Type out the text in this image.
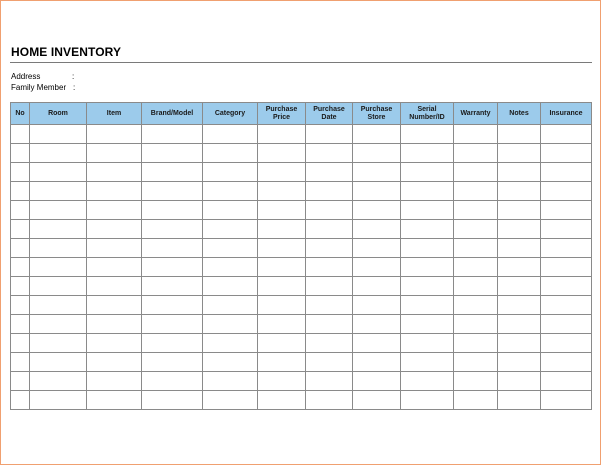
HOME INVENTORY
Address	:
Family Member :
No	Room	Item	Brand/Model	Category	Purchase Price	Purchase Date	Purchase Store	Serial Number/ID	Warranty	Notes	Insurance
